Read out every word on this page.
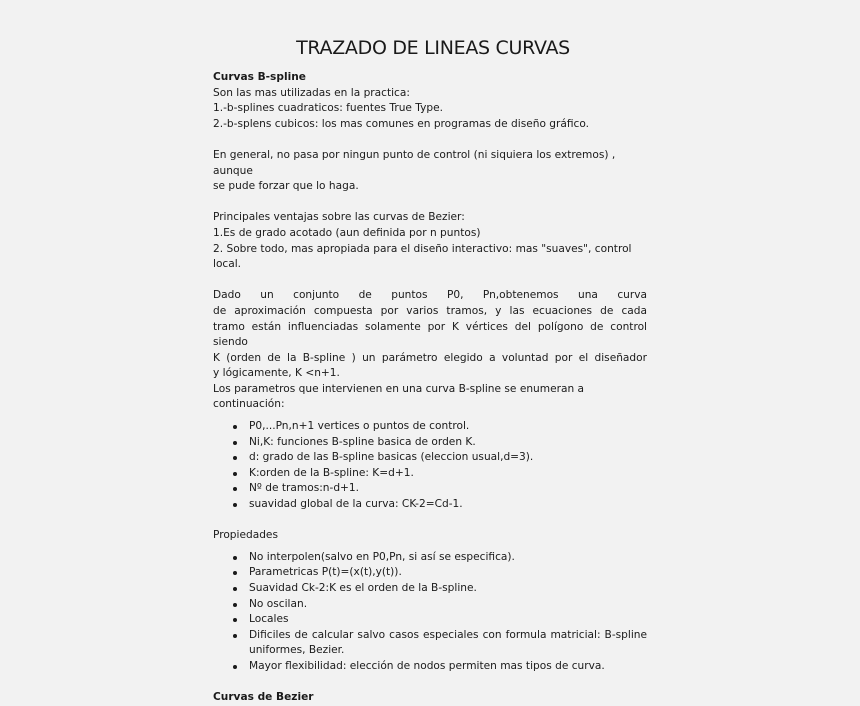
TRAZADO DE LINEAS CURVAS

Curvas B-spline

Son las mas utilizadas en la practica:

1.-b-splines cuadraticos: fuentes True Type.

2.-b-splens cubicos: los mas comunes en programas de diseño gráfico.

En general, no pasa por ningun punto de control (ni siquiera los extremos) , aunque

se pude forzar que lo haga.

Principales ventajas sobre las curvas de Bezier:

1.Es de grado acotado (aun definida por n puntos)

2. Sobre todo, mas apropiada para el diseño interactivo: mas "suaves", control local.

Dado un conjunto de puntos P0, Pn,obtenemos una curva
de aproximación compuesta por varios tramos, y las ecuaciones de cada
tramo están influenciadas solamente por K vértices del polígono de control siendo
K (orden de la B-spline ) un parámetro elegido a voluntad por el diseñador
y lógicamente, K <n+1.

Los parametros que intervienen en una curva B-spline se enumeran a continuación:

P0,...Pn,n+1 vertices o puntos de control.
Ni,K: funciones B-spline basica de orden K.
d: grado de las B-spline basicas (eleccion usual,d=3).
K:orden de la B-spline: K=d+1.
Nº de tramos:n-d+1.
suavidad global de la curva: CK-2=Cd-1.

Propiedades

No interpolen(salvo en P0,Pn, si así se especifica).
Parametricas P(t)=(x(t),y(t)).
Suavidad Ck-2:K es el orden de la B-spline.
No oscilan.
Locales
Dificiles de calcular salvo casos especiales con formula matricial: B-spline
uniformes, Bezier.
Mayor flexibilidad: elección de nodos permiten mas tipos de curva.

Curvas de Bezier
